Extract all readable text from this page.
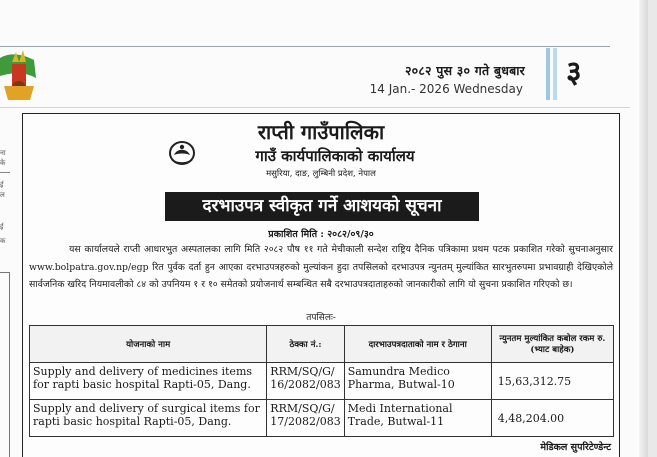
२०८२ पुस ३० गते बुधबार
14 Jan.- 2026 Wednesday ३
ना
के
ई
ल
ई
क
राप्ती गाउँपालिका
गाउँ कार्यपालिकाको कार्यालय
मसुरिया, दाङ, लुम्बिनी प्रदेश, नेपाल
दरभाउपत्र स्वीकृत गर्ने आशयको सूचना
प्रकाशित मिति : २०८२/०९/३०
यस कार्यालयले राप्ती आधारभुत अस्पतालका लागि मिति २०८२ पौष ११ गते मेचीकाली सन्देश राष्ट्रिय दैनिक पत्रिकामा प्रथम पटक प्रकाशित गरेको सुचनाअनुसार www.bolpatra.gov.np/egp रित पुर्वक दर्ता हुन आएका दरभाउपत्रहरुको मुल्यांकन हुदा तपसिलको दरभाउपत्र न्युनतम् मुल्यांकित सारभुतरुपमा प्रभावग्राही देखिएकोले सार्वजनिक खरिद नियमावलीको ८४ को उपनियम १ र १० समेतको प्रयोजनार्थ सम्बन्धित सबै दरभाउपत्रदाताहरुको जानकारीको लागि यो सुचना प्रकाशित गरिएको छ।
तपसिलः-
योजनाको नाम	ठेक्का नं.:	दारभाउपत्रदाताको नाम र ठेगाना	न्युनतम मुल्यांकित कबोल रकम रु. (भ्याट बाहेक)
Supply and delivery of medicines items for rapti basic hospital Rapti-05, Dang.	RRM/SQ/G/ 16/2082/083	Samundra Medico Pharma, Butwal-10	15,63,312.75
Supply and delivery of surgical items for rapti basic hospital Rapti-05, Dang.	RRM/SQ/G/ 17/2082/083	Medi International Trade, Butwal-11	4,48,204.00
मेडिकल सुपरिटेण्डेन्ट
